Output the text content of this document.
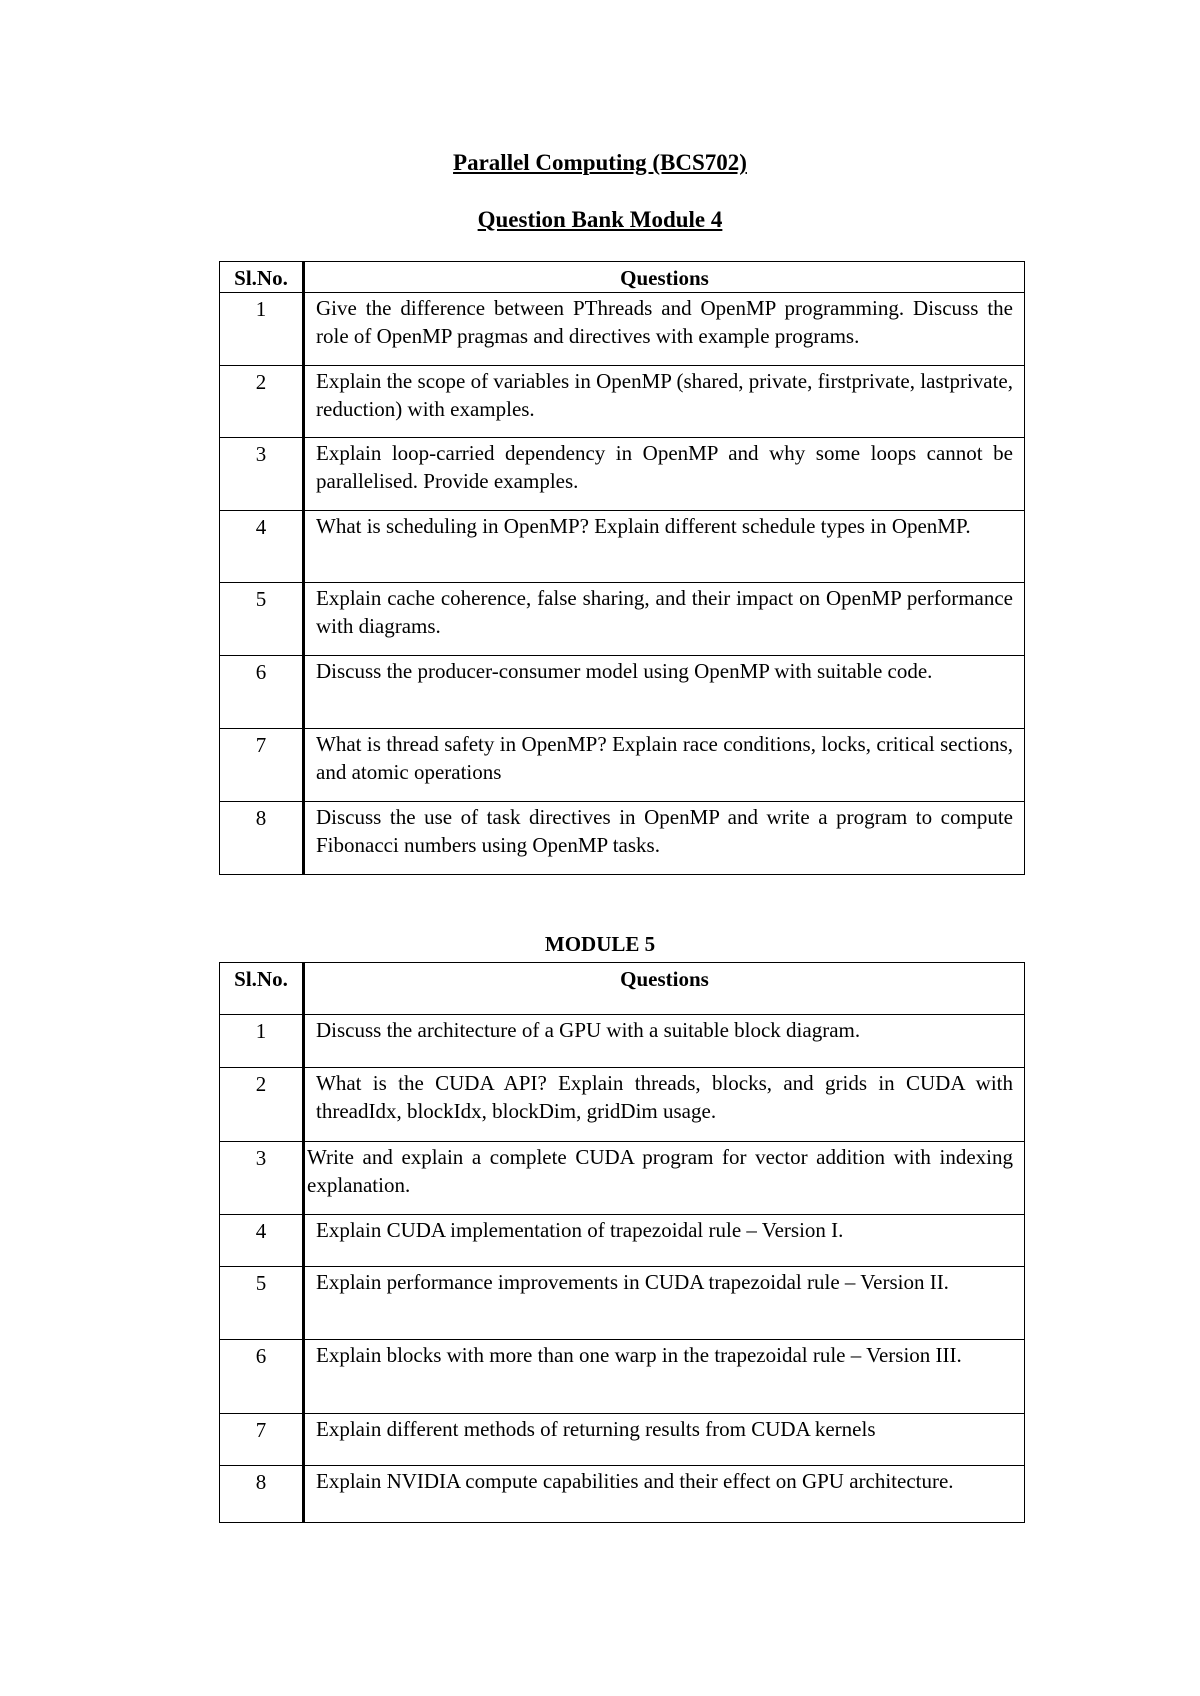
Parallel Computing (BCS702)
Question Bank Module 4
Sl.No.	Questions
1	Give the difference between PThreads and OpenMP programming. Discuss the role of OpenMP pragmas and directives with example programs.
2	Explain the scope of variables in OpenMP (shared, private, firstprivate, lastprivate, reduction) with examples.
3	Explain loop-carried dependency in OpenMP and why some loops cannot be parallelised. Provide examples.
4	What is scheduling in OpenMP? Explain different schedule types in OpenMP.
5	Explain cache coherence, false sharing, and their impact on OpenMP performance with diagrams.
6	Discuss the producer-consumer model using OpenMP with suitable code.
7	What is thread safety in OpenMP? Explain race conditions, locks, critical sections, and atomic operations
8	Discuss the use of task directives in OpenMP and write a program to compute Fibonacci numbers using OpenMP tasks.
MODULE 5
Sl.No.	Questions
1	Discuss the architecture of a GPU with a suitable block diagram.
2	What is the CUDA API? Explain threads, blocks, and grids in CUDA with threadIdx, blockIdx, blockDim, gridDim usage.
3	Write and explain a complete CUDA program for vector addition with indexing explanation.
4	Explain CUDA implementation of trapezoidal rule – Version I.
5	Explain performance improvements in CUDA trapezoidal rule – Version II.
6	Explain blocks with more than one warp in the trapezoidal rule – Version III.
7	Explain different methods of returning results from CUDA kernels
8	Explain NVIDIA compute capabilities and their effect on GPU architecture.
